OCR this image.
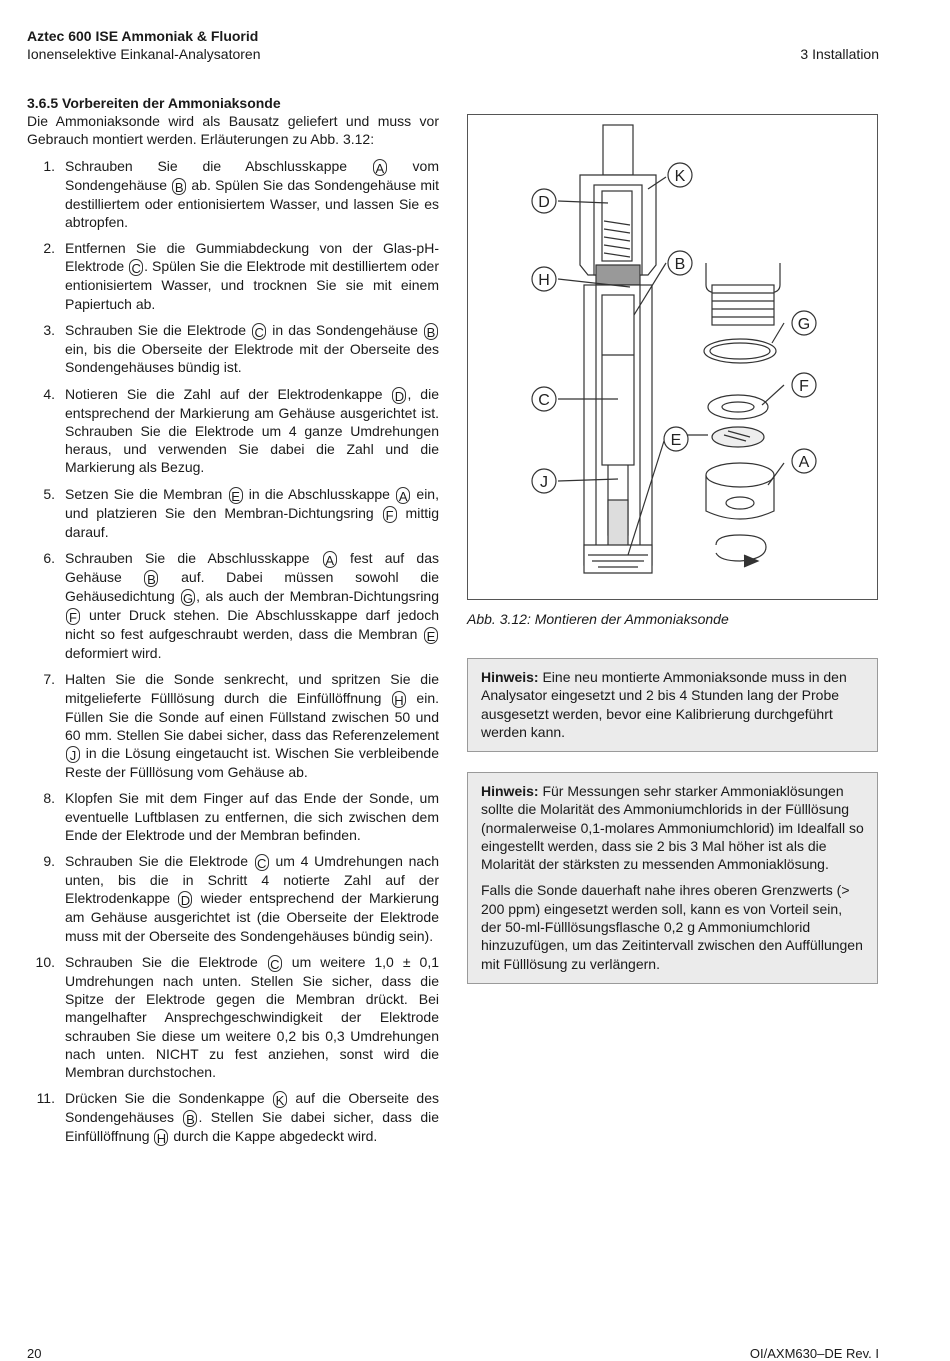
Aztec 600 ISE Ammoniak & Fluorid
Ionenselektive Einkanal-Analysatoren	3 Installation
3.6.5 Vorbereiten der Ammoniaksonde

Die Ammoniaksonde wird als Bausatz geliefert und muss vor Gebrauch montiert werden. Erläuterungen zu Abb. 3.12:

1. Schrauben Sie die Abschlusskappe A vom Sondengehäuse B ab. Spülen Sie das Sondengehäuse mit destilliertem oder entionisiertem Wasser, und lassen Sie es abtropfen.
2. Entfernen Sie die Gummiabdeckung von der Glas-pH-Elektrode C . Spülen Sie die Elektrode mit destilliertem oder entionisiertem Wasser, und trocknen Sie sie mit einem Papiertuch ab.
3. Schrauben Sie die Elektrode C in das Sondengehäuse B ein, bis die Oberseite der Elektrode mit der Oberseite des Sondengehäuses bündig ist.
4. Notieren Sie die Zahl auf der Elektrodenkappe D , die entsprechend der Markierung am Gehäuse ausgerichtet ist. Schrauben Sie die Elektrode um 4 ganze Umdrehungen heraus, und verwenden Sie dabei die Zahl und die Markierung als Bezug.
5. Setzen Sie die Membran E in die Abschlusskappe A ein, und platzieren Sie den Membran-Dichtungsring F mittig darauf.
6. Schrauben Sie die Abschlusskappe A fest auf das Gehäuse B auf. Dabei müssen sowohl die Gehäusedichtung G , als auch der Membran-Dichtungsring F unter Druck stehen. Die Abschlusskappe darf jedoch nicht so fest aufgeschraubt werden, dass die Membran E deformiert wird.
7. Halten Sie die Sonde senkrecht, und spritzen Sie die mitgelieferte Fülllösung durch die Einfüllöffnung H ein. Füllen Sie die Sonde auf einen Füllstand zwischen 50 und 60 mm. Stellen Sie dabei sicher, dass das Referenzelement J in die Lösung eingetaucht ist. Wischen Sie verbleibende Reste der Fülllösung vom Gehäuse ab.
8. Klopfen Sie mit dem Finger auf das Ende der Sonde, um eventuelle Luftblasen zu entfernen, die sich zwischen dem Ende der Elektrode und der Membran befinden.
9. Schrauben Sie die Elektrode C um 4 Umdrehungen nach unten, bis die in Schritt 4 notierte Zahl auf der Elektrodenkappe D wieder entsprechend der Markierung am Gehäuse ausgerichtet ist (die Oberseite der Elektrode muss mit der Oberseite des Sondengehäuses bündig sein).
10. Schrauben Sie die Elektrode C um weitere 1,0 ± 0,1 Umdrehungen nach unten. Stellen Sie sicher, dass die Spitze der Elektrode gegen die Membran drückt. Bei mangelhafter Ansprechgeschwindigkeit der Elektrode schrauben Sie diese um weitere 0,2 bis 0,3 Umdrehungen nach unten. NICHT zu fest anziehen, sonst wird die Membran durchstochen.
11. Drücken Sie die Sondenkappe K auf die Oberseite des Sondengehäuses B . Stellen Sie dabei sicher, dass die Einfüllöffnung H durch die Kappe abgedeckt wird.
D
H
C
J
K
B
G
F
A
E
Abb. 3.12: Montieren der Ammoniaksonde

Hinweis: Eine neu montierte Ammoniaksonde muss in den Analysator eingesetzt und 2 bis 4 Stunden lang der Probe ausgesetzt werden, bevor eine Kalibrierung durchgeführt werden kann.

Hinweis: Für Messungen sehr starker Ammoniaklösungen sollte die Molarität des Ammoniumchlorids in der Fülllösung (normalerweise 0,1-molares Ammoniumchlorid) im Idealfall so eingestellt werden, dass sie 2 bis 3 Mal höher ist als die Molarität der stärksten zu messenden Ammoniaklösung.

Falls die Sonde dauerhaft nahe ihres oberen Grenzwerts (> 200 ppm) eingesetzt werden soll, kann es von Vorteil sein, der 50-ml-Fülllösungsflasche 0,2 g Ammoniumchlorid hinzuzufügen, um das Zeitintervall zwischen den Auffüllungen mit Fülllösung zu verlängern.

20	OI/AXM630–DE Rev. I
